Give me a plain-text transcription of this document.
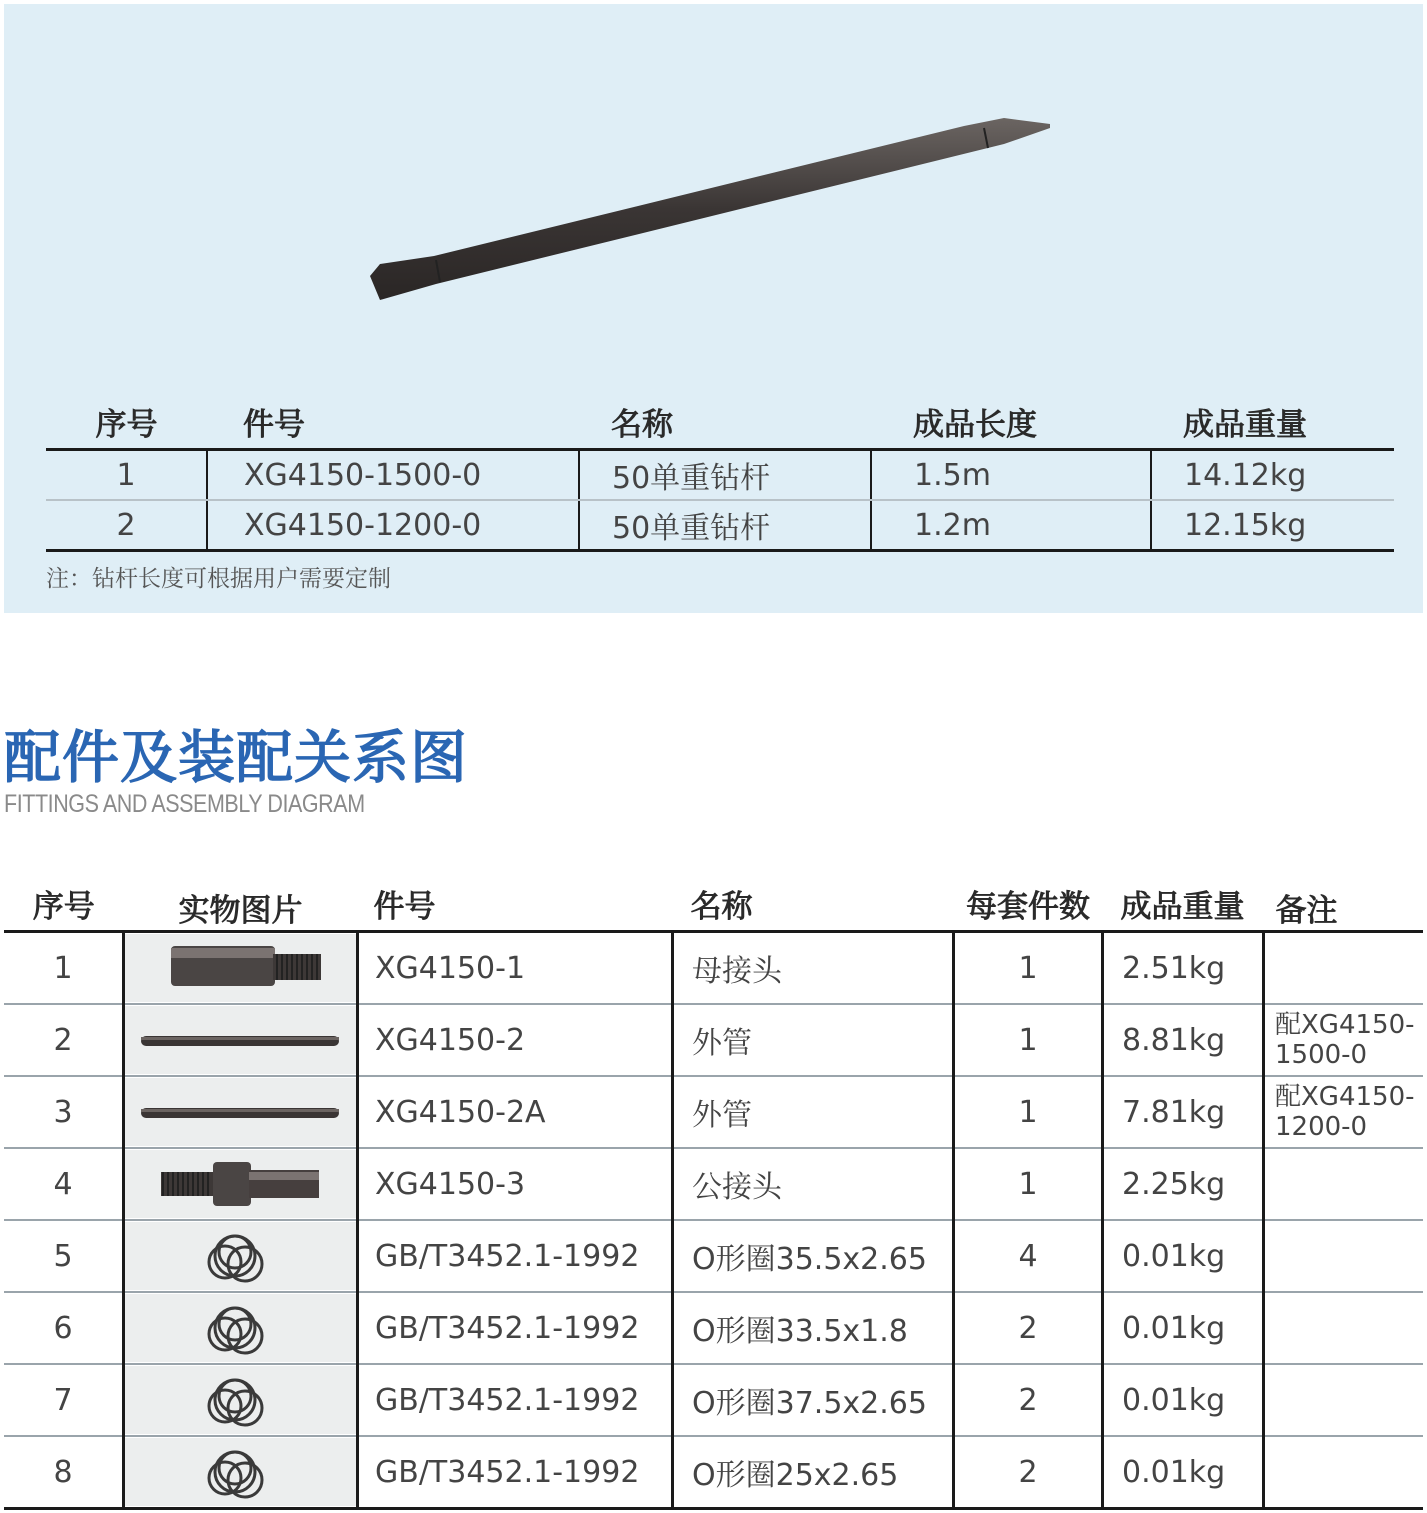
序号	件号	名称	成品长度	成品重量
1	XG4150-1500-0	50单重钻杆	1.5m	14.12kg
2	XG4150-1200-0	50单重钻杆	1.2m	12.15kg
注：钻杆长度可根据用户需要定制
配件及装配关系图
FITTINGS AND ASSEMBLY DIAGRAM
序号	实物图片	件号	名称	每套件数	成品重量	备注
1		XG4150-1	母接头	1	2.51kg	
2		XG4150-2	外管	1	8.81kg	配XG4150-1500-0
3		XG4150-2A	外管	1	7.81kg	配XG4150-1200-0
4		XG4150-3	公接头	1	2.25kg	
5		GB/T3452.1-1992	O形圈35.5x2.65	4	0.01kg	
6		GB/T3452.1-1992	O形圈33.5x1.8	2	0.01kg	
7		GB/T3452.1-1992	O形圈37.5x2.65	2	0.01kg	
8		GB/T3452.1-1992	O形圈25x2.65	2	0.01kg	
